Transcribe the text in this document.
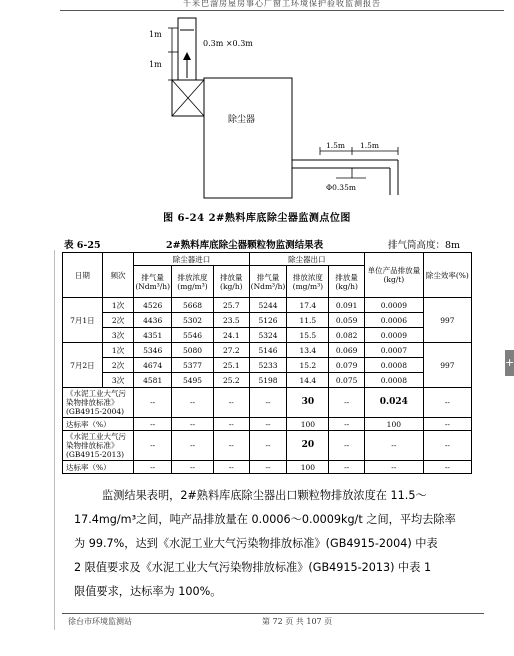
千米巴溜房屋房事心厂窗工环境保护验收监测报告
1m
1m
0.3m ×0.3m
除尘器
1.5m 1.5m
Φ0.35m
图 6-24 2#熟料库底除尘器监测点位图
表 6-25	2#熟料库底除尘器颗粒物监测结果表	排气筒高度：8m
日期	频次	除尘器进口			除尘器出口			单位产品排放量(kg/t)	除尘效率(%)
		排气量 (Ndm³/h)	排放浓度 (mg/m³)	排放量 (kg/h)	排气量 (Ndm³/h)	排放浓度 (mg/m³)	排放量 (kg/h)		
7月1日	1次	4526	5668	25.7	5244	17.4	0.091	0.0009	997
	2次	4436	5302	23.5	5126	11.5	0.059	0.0006	
	3次	4351	5546	24.1	5324	15.5	0.082	0.0009	
7月2日	1次	5346	5080	27.2	5146	13.4	0.069	0.0007	997
	2次	4674	5377	25.1	5233	15.2	0.079	0.0008	
	3次	4581	5495	25.2	5198	14.4	0.075	0.0008	
《水泥工业大气污染物排放标准》(GB4915-2004)		--	--	--	--	30	--	0.024	--
达标率（%）		--	--	--	--	100	--	100	--
《水泥工业大气污染物排放标准》(GB4915-2013)		--	--	--	--	20	--	--	--
达标率（%）		--	--	--	--	100	--	--	--
监测结果表明，2#熟料库底除尘器出口颗粒物排放浓度在 11.5～
17.4mg/m³之间，吨产品排放量在 0.0006～0.0009kg/t 之间，平均去除率
为 99.7%，达到《水泥工业大气污染物排放标准》(GB4915-2004) 中表
2 限值要求及《水泥工业大气污染物排放标准》(GB4915-2013) 中表 1
限值要求，达标率为 100%。
徐台市环境监测站	第 72 页 共 107 页
+
